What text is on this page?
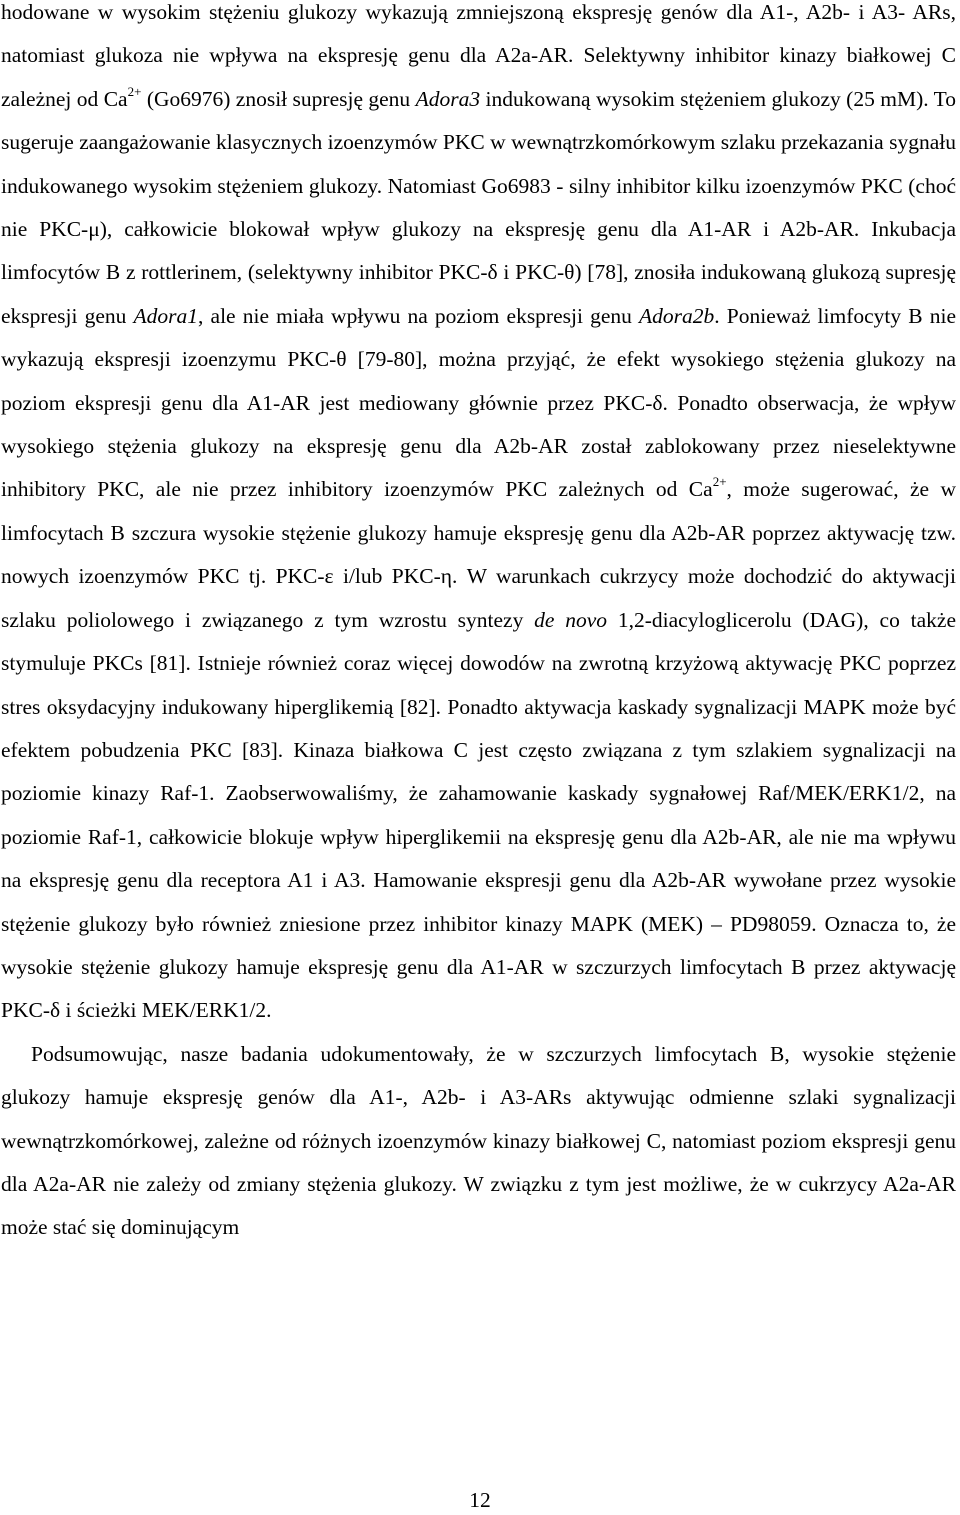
hodowane w wysokim stężeniu glukozy wykazują zmniejszoną ekspresję genów dla A1-, A2b- i A3- ARs, natomiast glukoza nie wpływa na ekspresję genu dla A2a-AR. Selektywny inhibitor kinazy białkowej C zależnej od $Ca^{2+}$ (Go6976) znosił supresję genu Adora3 indukowaną wysokim stężeniem glukozy (25 mM). To sugeruje zaangażowanie klasycznych izoenzymów PKC w wewnątrzkomórkowym szlaku przekazania sygnału indukowanego wysokim stężeniem glukozy. Natomiast Go6983 - silny inhibitor kilku izoenzymów PKC (choć nie PKC-μ), całkowicie blokował wpływ glukozy na ekspresję genu dla A1-AR i A2b-AR. Inkubacja limfocytów B z rottlerinem, (selektywny inhibitor PKC-δ i PKC-θ) [78], znosiła indukowaną glukozą supresję ekspresji genu Adora1, ale nie miała wpływu na poziom ekspresji genu Adora2b. Ponieważ limfocyty B nie wykazują ekspresji izoenzymu PKC-θ [79-80], można przyjąć, że efekt wysokiego stężenia glukozy na poziom ekspresji genu dla A1-AR jest mediowany głównie przez PKC-δ. Ponadto obserwacja, że wpływ wysokiego stężenia glukozy na ekspresję genu dla A2b-AR został zablokowany przez nieselektywne inhibitory PKC, ale nie przez inhibitory izoenzymów PKC zależnych od $Ca^{2+}$, może sugerować, że w limfocytach B szczura wysokie stężenie glukozy hamuje ekspresję genu dla A2b-AR poprzez aktywację tzw. nowych izoenzymów PKC tj. PKC-ε i/lub PKC-η. W warunkach cukrzycy może dochodzić do aktywacji szlaku poliolowego i związanego z tym wzrostu syntezy de novo 1,2-diacyloglicerolu (DAG), co także stymuluje PKCs [81]. Istnieje również coraz więcej dowodów na zwrotną krzyżową aktywację PKC poprzez stres oksydacyjny indukowany hiperglikemią [82]. Ponadto aktywacja kaskady sygnalizacji MAPK może być efektem pobudzenia PKC [83]. Kinaza białkowa C jest często związana z tym szlakiem sygnalizacji na poziomie kinazy Raf-1. Zaobserwowaliśmy, że zahamowanie kaskady sygnałowej Raf/MEK/ERK1/2, na poziomie Raf-1, całkowicie blokuje wpływ hiperglikemii na ekspresję genu dla A2b-AR, ale nie ma wpływu na ekspresję genu dla receptora A1 i A3. Hamowanie ekspresji genu dla A2b-AR wywołane przez wysokie stężenie glukozy było również zniesione przez inhibitor kinazy MAPK (MEK) – PD98059. Oznacza to, że wysokie stężenie glukozy hamuje ekspresję genu dla A1-AR w szczurzych limfocytach B przez aktywację PKC-δ i ścieżki MEK/ERK1/2.

Podsumowując, nasze badania udokumentowały, że w szczurzych limfocytach B, wysokie stężenie glukozy hamuje ekspresję genów dla A1-, A2b- i A3-ARs aktywując odmienne szlaki sygnalizacji wewnątrzkomórkowej, zależne od różnych izoenzymów kinazy białkowej C, natomiast poziom ekspresji genu dla A2a-AR nie zależy od zmiany stężenia glukozy. W związku z tym jest możliwe, że w cukrzycy A2a-AR może stać się dominującym

12
